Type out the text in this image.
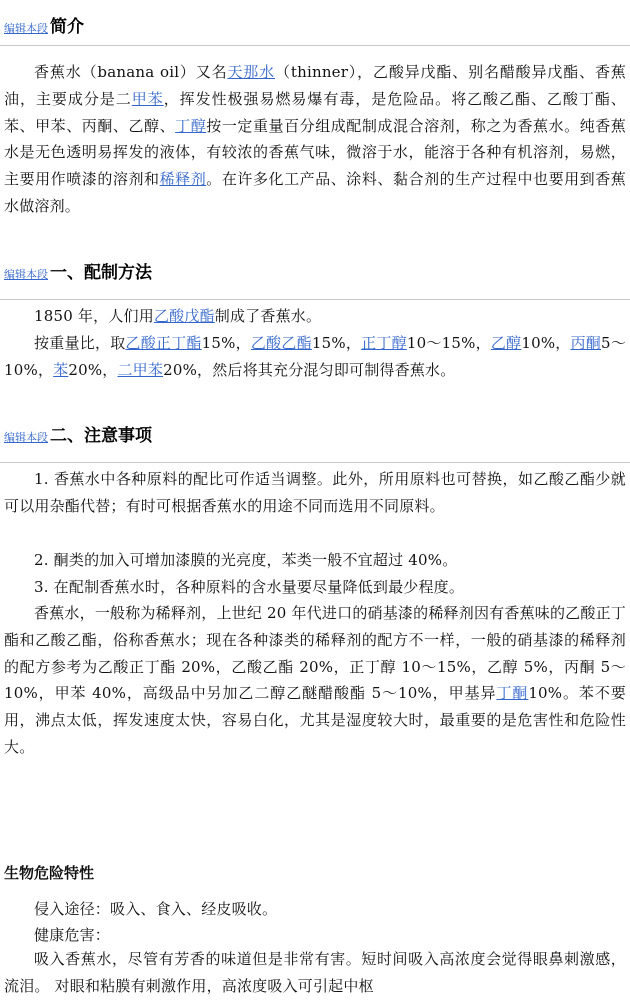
编辑本段 简介

香蕉水（banana oil）又名天那水（thinner），乙酸异戊酯、别名醋酸异戊酯、香蕉油，主要成分是二甲苯，挥发性极强易燃易爆有毒，是危险品。将乙酸乙酯、乙酸丁酯、苯、甲苯、丙酮、乙醇、丁醇按一定重量百分组成配制成混合溶剂，称之为香蕉水。纯香蕉水是无色透明易挥发的液体，有较浓的香蕉气味，微溶于水，能溶于各种有机溶剂，易燃，主要用作喷漆的溶剂和稀释剂。在许多化工产品、涂料、黏合剂的生产过程中也要用到香蕉水做溶剂。

编辑本段 一、配制方法

1850 年，人们用乙酸戊酯制成了香蕉水。

按重量比，取乙酸正丁酯15%，乙酸乙酯15%，正丁醇10～15%，乙醇10%，丙酮5～10%，苯20%，二甲苯20%，然后将其充分混匀即可制得香蕉水。

编辑本段 二、注意事项

1. 香蕉水中各种原料的配比可作适当调整。此外，所用原料也可替换，如乙酸乙酯少就可以用杂酯代替；有时可根据香蕉水的用途不同而选用不同原料。

2. 酮类的加入可增加漆膜的光亮度，苯类一般不宜超过 40%。

3. 在配制香蕉水时，各种原料的含水量要尽量降低到最少程度。

香蕉水，一般称为稀释剂，上世纪 20 年代进口的硝基漆的稀释剂因有香蕉味的乙酸正丁酯和乙酸乙酯，俗称香蕉水；现在各种漆类的稀释剂的配方不一样，一般的硝基漆的稀释剂的配方参考为乙酸正丁酯 20%，乙酸乙酯 20%，正丁醇 10～15%，乙醇 5%，丙酮 5～10%，甲苯 40%，高级品中另加乙二醇乙醚醋酸酯 5～10%，甲基异丁酮10%。苯不要用，沸点太低，挥发速度太快，容易白化，尤其是湿度较大时，最重要的是危害性和危险性大。

生物危险特性

侵入途径：吸入、食入、经皮吸收。

健康危害：

吸入香蕉水，尽管有芳香的味道但是非常有害。短时间吸入高浓度会觉得眼鼻刺激感，流泪。 对眼和粘膜有刺激作用，高浓度吸入可引起中枢
